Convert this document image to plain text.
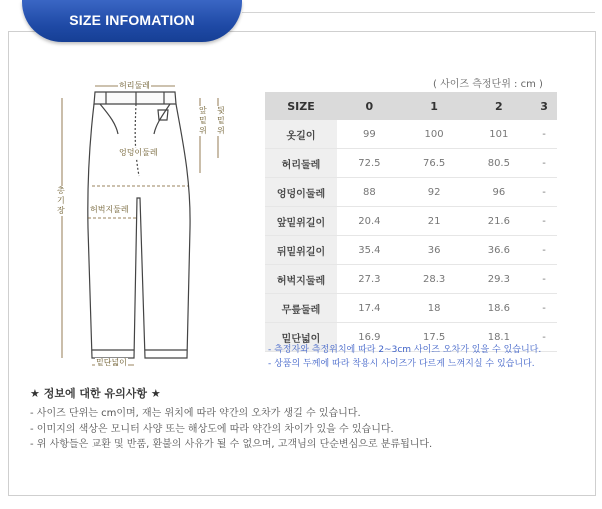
SIZE INFOMATION
( 사이즈 측정단위 : cm )
허리둘레
앞밑위
뒷밑위
엉덩이둘레
총기장	허벅지둘레
밑단넓이
SIZE	0	1	2	3
옷길이	99	100	101	-
허리둘레	72.5	76.5	80.5	-
엉덩이둘레	88	92	96	-
앞밑위길이	20.4	21	21.6	-
뒤밑위길이	35.4	36	36.6	-
허벅지둘레	27.3	28.3	29.3	-
무릎둘레	17.4	18	18.6	-
밑단넓이	16.9	17.5	18.1	-
- 측정자와 측정위치에 따라 2~3cm 사이즈 오차가 있을 수 있습니다.
- 상품의 두께에 따라 착용시 사이즈가 다르게 느껴지실 수 있습니다.
★ 정보에 대한 유의사항 ★
- 사이즈 단위는 cm이며, 재는 위치에 따라 약간의 오차가 생길 수 있습니다.
- 이미지의 색상은 모니터 사양 또는 해상도에 따라 약간의 차이가 있을 수 있습니다.
- 위 사항들은 교환 및 반품, 환불의 사유가 될 수 없으며, 고객님의 단순변심으로 분류됩니다.
